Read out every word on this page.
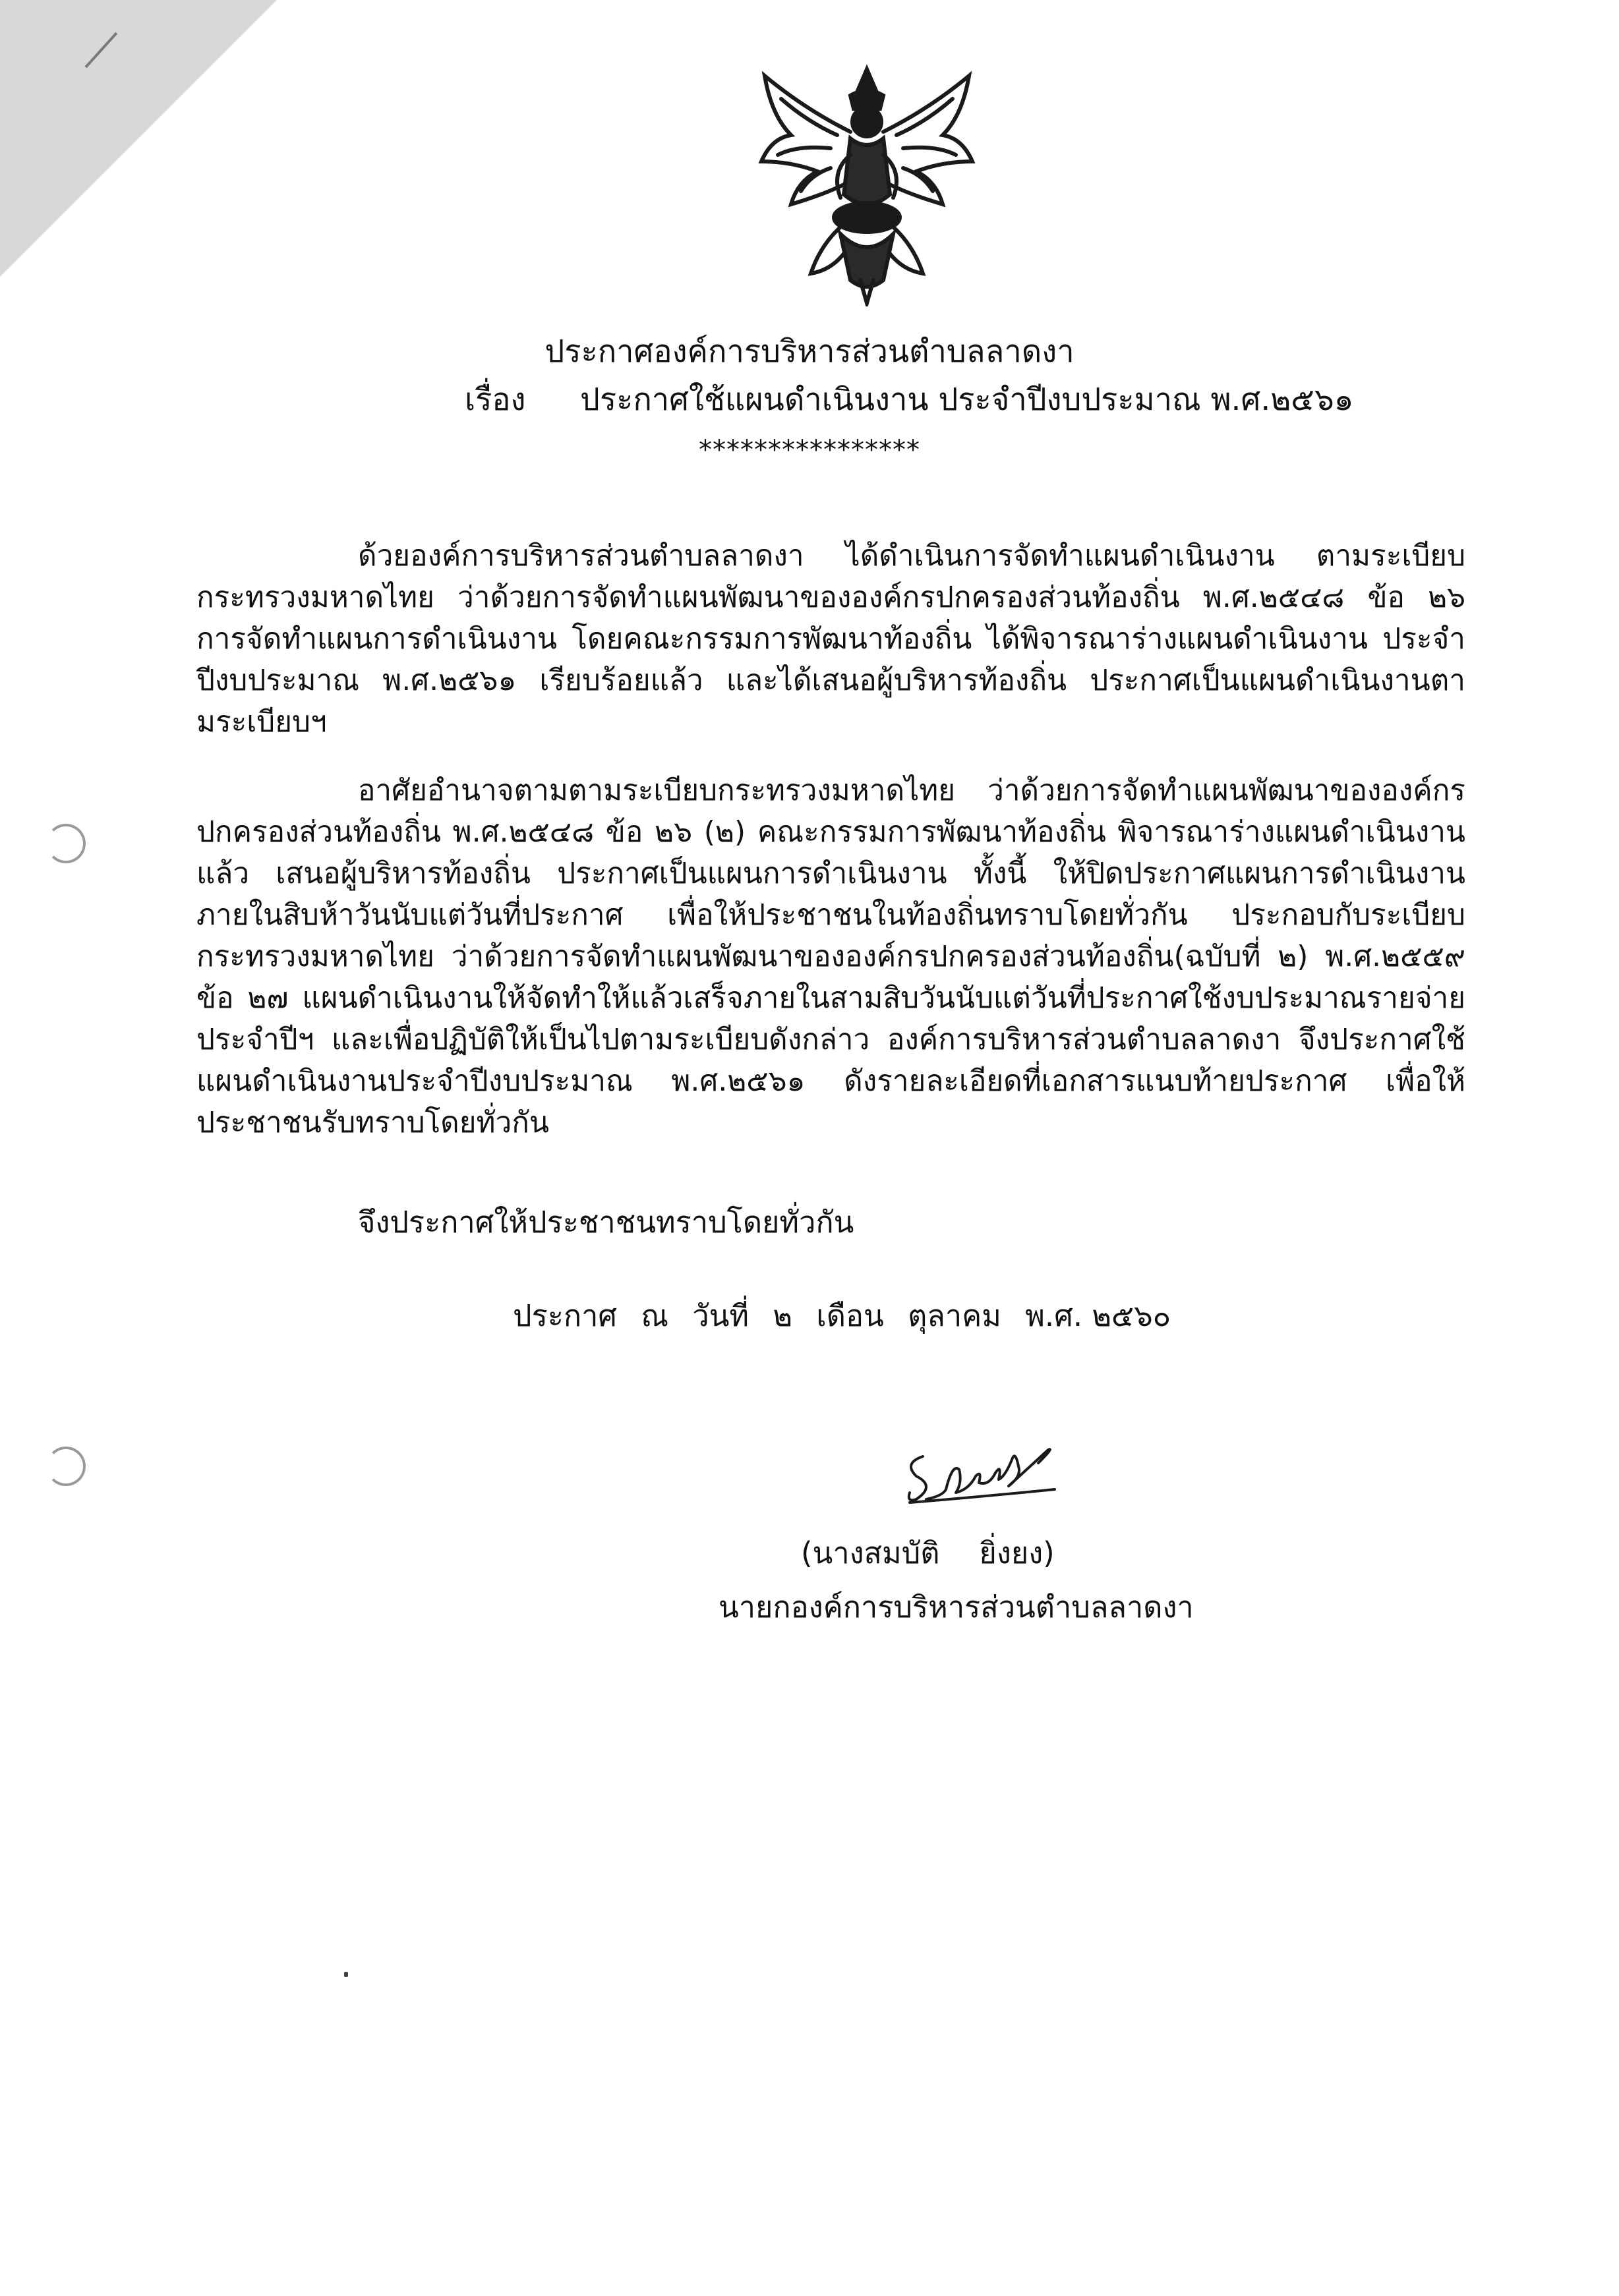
ประกาศองค์การบริหารส่วนตำบลลาดงา
เรื่อง ประกาศใช้แผนดำเนินงาน ประจำปีงบประมาณ พ.ศ.๒๕๖๑
****************
ด้วยองค์การบริหารส่วนตำบลลาดงา ได้ดำเนินการจัดทำแผนดำเนินงาน ตามระเบียบกระทรวงมหาดไทย ว่าด้วยการจัดทำแผนพัฒนาขององค์กรปกครองส่วนท้องถิ่น พ.ศ.๒๕๔๘ ข้อ ๒๖ การจัดทำแผนการดำเนินงาน โดยคณะกรรมการพัฒนาท้องถิ่น ได้พิจารณาร่างแผนดำเนินงาน ประจำปีงบประมาณ พ.ศ.๒๕๖๑ เรียบร้อยแล้ว และได้เสนอผู้บริหารท้องถิ่น ประกาศเป็นแผนดำเนินงานตามระเบียบฯ
อาศัยอำนาจตามตามระเบียบกระทรวงมหาดไทย ว่าด้วยการจัดทำแผนพัฒนาขององค์กรปกครองส่วนท้องถิ่น พ.ศ.๒๕๔๘ ข้อ ๒๖ (๒) คณะกรรมการพัฒนาท้องถิ่น พิจารณาร่างแผนดำเนินงานแล้ว เสนอผู้บริหารท้องถิ่น ประกาศเป็นแผนการดำเนินงาน ทั้งนี้ ให้ปิดประกาศแผนการดำเนินงานภายในสิบห้าวันนับแต่วันที่ประกาศ เพื่อให้ประชาชนในท้องถิ่นทราบโดยทั่วกัน ประกอบกับระเบียบกระทรวงมหาดไทย ว่าด้วยการจัดทำแผนพัฒนาขององค์กรปกครองส่วนท้องถิ่น(ฉบับที่ ๒) พ.ศ.๒๕๕๙ ข้อ ๒๗ แผนดำเนินงานให้จัดทำให้แล้วเสร็จภายในสามสิบวันนับแต่วันที่ประกาศใช้งบประมาณรายจ่ายประจำปีฯ และเพื่อปฏิบัติให้เป็นไปตามระเบียบดังกล่าว องค์การบริหารส่วนตำบลลาดงา จึงประกาศใช้แผนดำเนินงานประจำปีงบประมาณ พ.ศ.๒๕๖๑ ดังรายละเอียดที่เอกสารแนบท้ายประกาศ เพื่อให้ประชาชนรับทราบโดยทั่วกัน
จึงประกาศให้ประชาชนทราบโดยทั่วกัน
ประกาศ ณ วันที่ ๒ เดือน ตุลาคม พ.ศ. ๒๕๖๐
(นางสมบัติ ยิ่งยง)
นายกองค์การบริหารส่วนตำบลลาดงา
